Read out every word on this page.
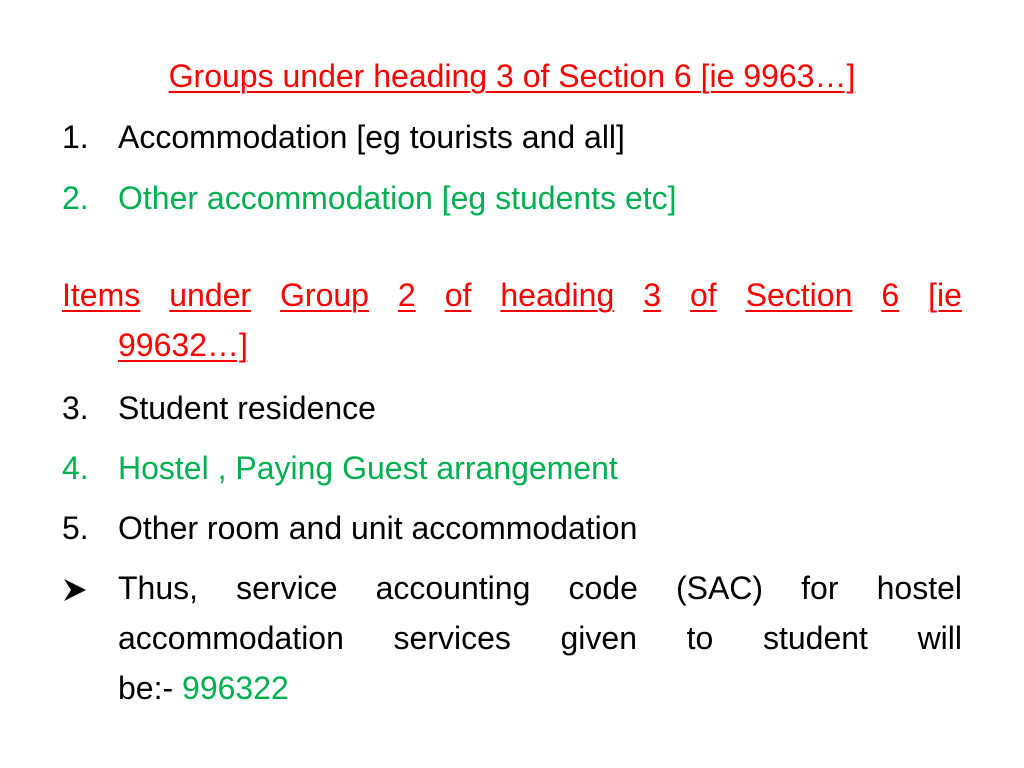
Groups under heading 3 of Section 6 [ie 9963…]
1. Accommodation [eg tourists and all]
2. Other accommodation [eg students etc]
Items under Group 2 of heading 3 of Section 6 [ie
99632…]
3. Student residence
4. Hostel , Paying Guest arrangement
5. Other room and unit accommodation
Thus, service accounting code (SAC) for hostel
accommodation services given to student will
be:- 996322
